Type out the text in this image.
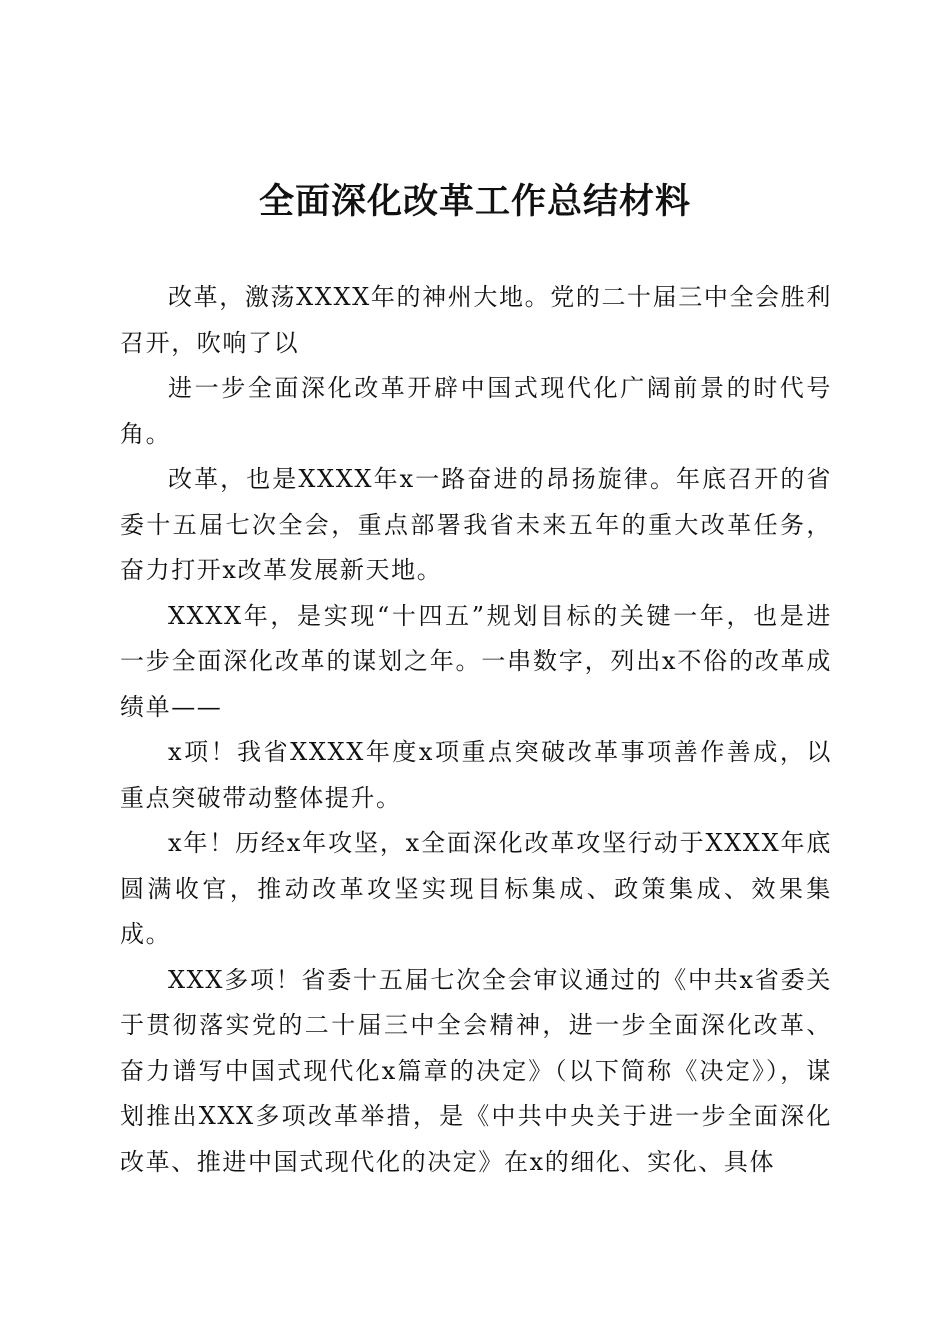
全面深化改革工作总结材料

改革，激荡XXXX年的神州大地。党的二十届三中全会胜利召开，吹响了以

进一步全面深化改革开辟中国式现代化广阔前景的时代号角。

改革，也是XXXX年x一路奋进的昂扬旋律。年底召开的省委十五届七次全会，重点部署我省未来五年的重大改革任务，奋力打开x改革发展新天地。

XXXX年，是实现“十四五”规划目标的关键一年，也是进一步全面深化改革的谋划之年。一串数字，列出x不俗的改革成绩单——

x项！我省XXXX年度x项重点突破改革事项善作善成，以重点突破带动整体提升。

x年！历经x年攻坚，x全面深化改革攻坚行动于XXXX年底圆满收官，推动改革攻坚实现目标集成、政策集成、效果集成。

XXX多项！省委十五届七次全会审议通过的《中共x省委关于贯彻落实党的二十届三中全会精神，进一步全面深化改革、奋力谱写中国式现代化x篇章的决定》（以下简称《决定》），谋划推出XXX多项改革举措，是《中共中央关于进一步全面深化改革、推进中国式现代化的决定》在x的细化、实化、具体
